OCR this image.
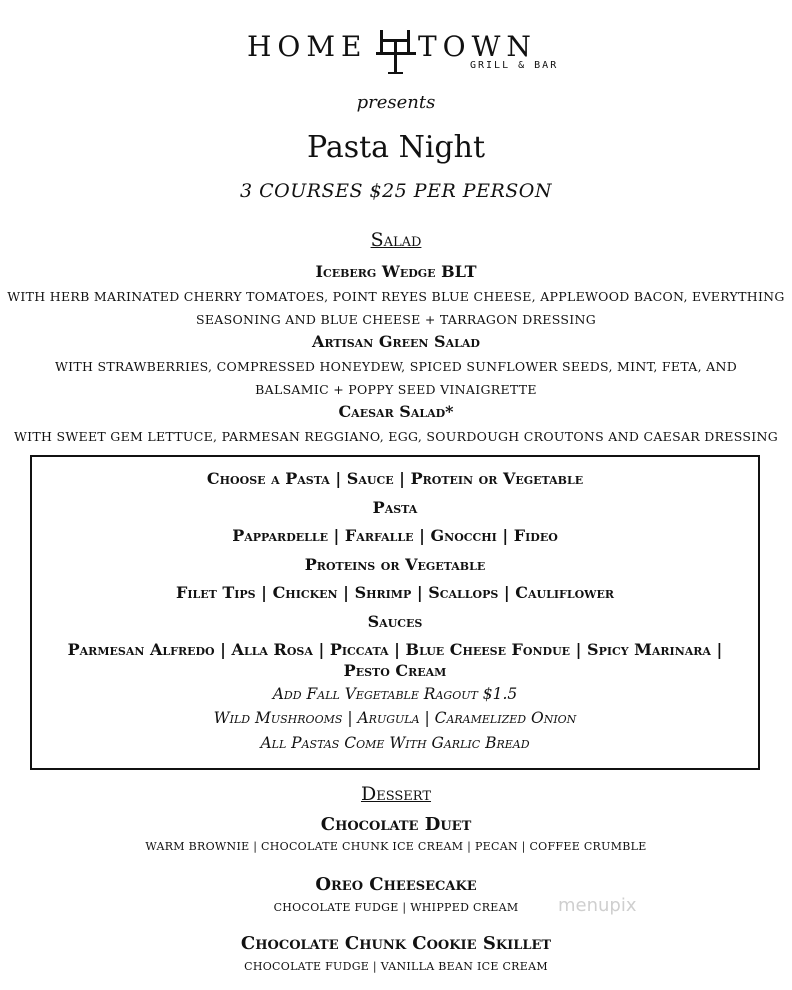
HOME TOWN
GRILL & BAR
presents
Pasta Night
3 COURSES $25 PER PERSON
Salad
Iceberg Wedge BLT
WITH HERB MARINATED CHERRY TOMATOES, POINT REYES BLUE CHEESE, APPLEWOOD BACON, EVERYTHING
SEASONING AND BLUE CHEESE + TARRAGON DRESSING
Artisan Green Salad
WITH STRAWBERRIES, COMPRESSED HONEYDEW, SPICED SUNFLOWER SEEDS, MINT, FETA, AND
BALSAMIC + POPPY SEED VINAIGRETTE
Caesar Salad*
WITH SWEET GEM LETTUCE, PARMESAN REGGIANO, EGG, SOURDOUGH CROUTONS AND CAESAR DRESSING
Choose a Pasta | Sauce | Protein or Vegetable
Pasta
Pappardelle | Farfalle | Gnocchi | Fideo
Proteins or Vegetable
Filet Tips | Chicken | Shrimp | Scallops | Cauliflower
Sauces
Parmesan Alfredo | Alla Rosa | Piccata | Blue Cheese Fondue | Spicy Marinara |
Pesto Cream
Add Fall Vegetable Ragout $1.5
Wild Mushrooms | Arugula | Caramelized Onion
All Pastas Come With Garlic Bread
Dessert
Chocolate Duet
WARM BROWNIE | CHOCOLATE CHUNK ICE CREAM | PECAN | COFFEE CRUMBLE
Oreo Cheesecake
CHOCOLATE FUDGE | WHIPPED CREAM
Chocolate Chunk Cookie Skillet
CHOCOLATE FUDGE | VANILLA BEAN ICE CREAM
menupix
